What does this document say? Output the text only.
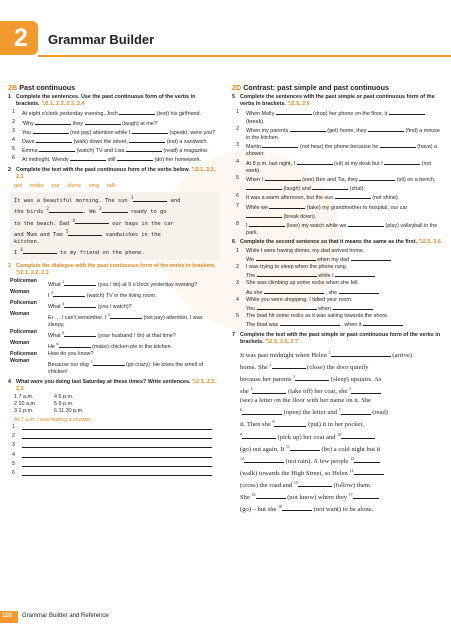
2	Grammar Builder
2B Past continuous
1 Complete the sentences. Use the past continuous form of the verbs in brackets. ⮌2.1, 2.2, 2.3, 2.4
1 At eight o'clock yesterday evening, Josh	(text) his girlfriend.
2 'Why	they	(laugh) at me?'
3 You	(not pay) attention while I	(speak), were you?
4 Dave	(walk) down the street,	(eat) a sandwich.
5 Emma	(watch) TV and Lisa	(read) a magazine.
6 At midnight, Wendy	still	(do) her homework.
2 Complete the text with the past continuous form of the verbs below. ⮌2.1, 2.2, 2.3
get make put shine sing talk
It was a beautiful morning. The sun $^1$ and
the birds $^2$. We $^3$ ready to go
to the beach. Dad $^4$ our bags in the car
and Mum and Tom $^5$ sandwiches in the
kitchen.
I $^6$ to my friend on the phone.
3 Complete the dialogue with the past continuous form of the verbs in brackets. ⮌2.1, 2.2, 2.3
Policeman
What $^1$ (you / do) at 9 o'clock yesterday evening?
Woman
I $^2$ (watch) TV in the living room.
Policeman
What $^3$ (you / watch)?
Woman
Er … I can't remember. I $^4$ (not pay) attention. I was sleepy.
Policeman
What $^5$ (your husband / do) at that time?
Woman
He $^6$ (make) chicken pie in the kitchen.
Policeman	How do you know?
Woman
Because our dog $^7$ (go crazy). He loves the smell of chicken!
4 What were you doing last Saturday at these times? Write sentences. ⮌2.1, 2.2, 2.3
1 7 a.m.	4 6 p.m.
2 10 a.m.	5 9 p.m.
3 1 p.m.	6 11.30 p.m.
At 7 a.m. I was having a shower.
1
2
3
4
5
6
2D Contrast: past simple and past continuous
5 Complete the sentences with the past simple or past continuous form of the verbs in brackets. ⮌2.5, 2.6
1 When Molly	(drop) her phone on the floor, it  (break).
2 When my parents	(get) home, they	(find) a mouse in the kitchen.
3 Martin	(not hear) the phone because he	(have) a shower.
4 At 8 p.m. last night, I	(sit) at my desk but I	(not work).
5 When I	(see) Ben and Tia, they	(sit) on a bench,  (laugh) and	(chat).
6 It was a warm afternoon, but the sun	(not shine).
7 While we	(take) my grandmother to hospital, our car  (break down).
8 I	(lose) my watch while we	(play) volleyball in the park.
6 Complete the second sentence so that it means the same as the first. ⮌2.5, 2.6
1 While I were having dinner, my dad arrived home.
We	when my dad
2 I was trying to sleep when the phone rang.
The	while I
3 She was climbing up some rocks when she fell.
As she	, she
4 While you were shopping, I tidied your room.
You	when
5 The boat hit some rocks as it was sailing towards the shore.
The boat was	, when it
7 Complete the text with the past simple or past continuous form of the verbs in brackets. ⮌2.5, 2.6, 2.7
It was past midnight when Helen $^1$	(arrive)
home. She $^2$	(close) the door quietly
because her parents $^3$	(sleep) upstairs. As
she $^4$	(take off) her coat, she $^5$
(see) a letter on the floor with her name on it. She
$^6$	(open) the letter and $^7$	(read)
it. Then she $^8$	(put) it in her pocket,
$^9$	(pick up) her coat and $^{10}$
(go) out again. It $^{11}$	(be) a cold night but it
$^{12}$	(not rain). A few people $^{13}$
(walk) towards the High Street, so Helen $^{14}$
(cross) the road and $^{15}$	(follow) them.
She $^{16}$	(not know) where they $^{17}$
(go) – but she $^{18}$	(not want) to be alone.
110	Grammar Builder and Reference
